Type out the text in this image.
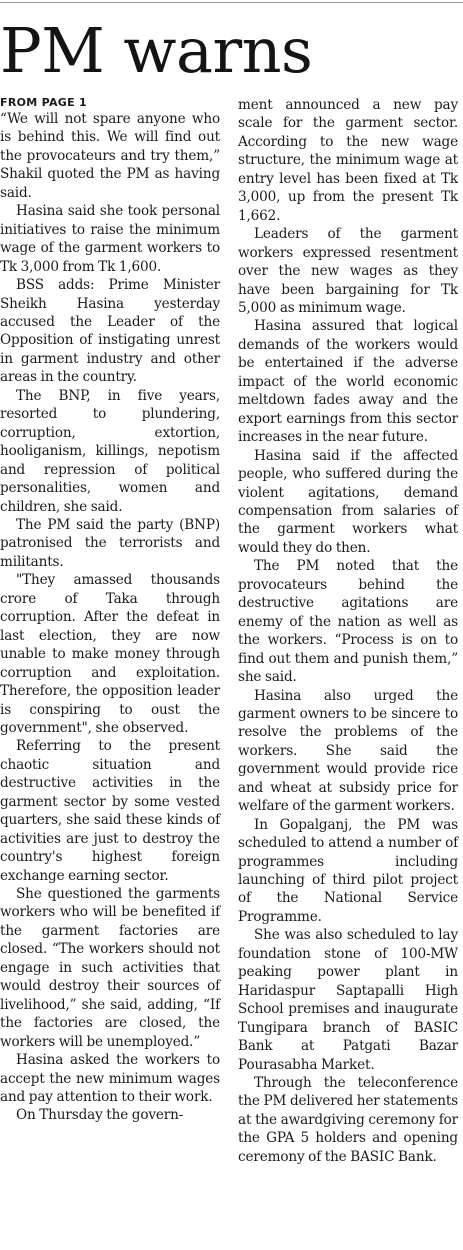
PM warns

FROM PAGE 1

“We will not spare anyone who is behind this. We will find out the provocateurs and try them,” Shakil quoted the PM as having said.

Hasina said she took personal initiatives to raise the minimum wage of the garment workers to Tk 3,000 from Tk 1,600.

BSS adds: Prime Minister Sheikh Hasina yesterday accused the Leader of the Opposition of instigating unrest in garment industry and other areas in the country.

The BNP, in five years, resorted to plundering, corruption, extortion, hooliganism, killings, nepotism and repression of political personalities, women and children, she said.

The PM said the party (BNP) patronised the terrorists and militants.

"They amassed thousands crore of Taka through corruption. After the defeat in last election, they are now unable to make money through corruption and exploitation. Therefore, the opposition leader is conspiring to oust the government", she observed.

Referring to the present chaotic situation and destructive activities in the garment sector by some vested quarters, she said these kinds of activities are just to destroy the country's highest foreign exchange earning sector.

She questioned the garments workers who will be benefited if the garment factories are closed. “The workers should not engage in such activities that would destroy their sources of livelihood,” she said, adding, “If the factories are closed, the workers will be unemployed.”

Hasina asked the workers to accept the new minimum wages and pay attention to their work.

On Thursday the govern-

ment announced a new pay scale for the garment sector. According to the new wage structure, the minimum wage at entry level has been fixed at Tk 3,000, up from the present Tk 1,662.

Leaders of the garment workers expressed resentment over the new wages as they have been bargaining for Tk 5,000 as minimum wage.

Hasina assured that logical demands of the workers would be entertained if the adverse impact of the world economic meltdown fades away and the export earnings from this sector increases in the near future.

Hasina said if the affected people, who suffered during the violent agitations, demand compensation from salaries of the garment workers what would they do then.

The PM noted that the provocateurs behind the destructive agitations are enemy of the nation as well as the workers. “Process is on to find out them and punish them,” she said.

Hasina also urged the garment owners to be sincere to resolve the problems of the workers. She said the government would provide rice and wheat at subsidy price for welfare of the garment workers.

In Gopalganj, the PM was scheduled to attend a number of programmes including launching of third pilot project of the National Service Programme.

She was also scheduled to lay foundation stone of 100-MW peaking power plant in Haridaspur Saptapalli High School premises and inaugurate Tungipara branch of BASIC Bank at Patgati Bazar Pourasabha Market.

Through the teleconference the PM delivered her statements at the awardgiving ceremony for the GPA 5 holders and opening ceremony of the BASIC Bank.
